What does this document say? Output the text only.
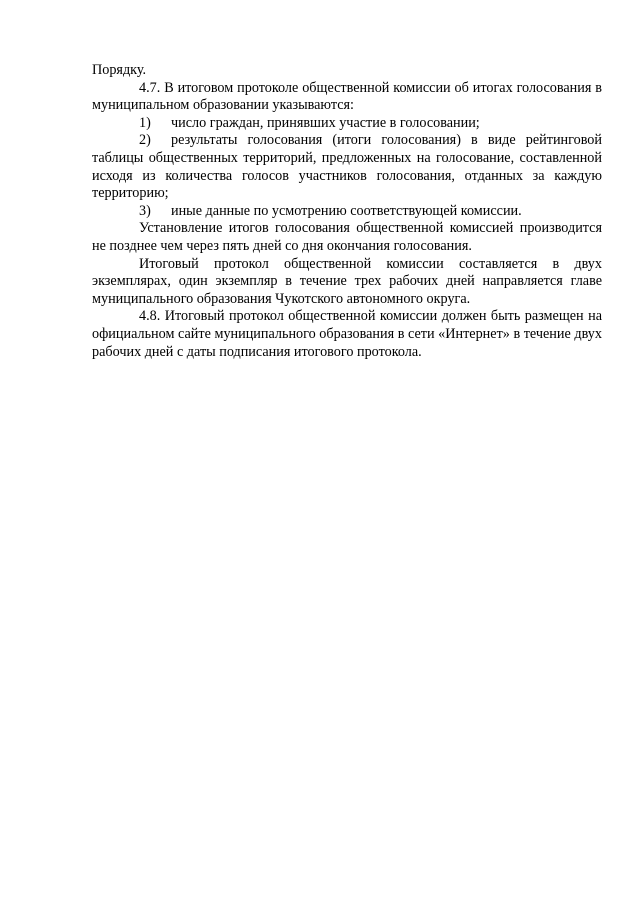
Порядку.

4.7. В итоговом протоколе общественной комиссии об итогах голосования в муниципальном образовании указываются:

1) число граждан, принявших участие в голосовании;

2) результаты голосования (итоги голосования) в виде рейтинговой таблицы общественных территорий, предложенных на голосование, составленной исходя из количества голосов участников голосования, отданных за каждую территорию;

3) иные данные по усмотрению соответствующей комиссии.

Установление итогов голосования общественной комиссией производится не позднее чем через пять дней со дня окончания голосования.

Итоговый протокол общественной комиссии составляется в двух экземплярах, один экземпляр в течение трех рабочих дней направляется главе муниципального образования Чукотского автономного округа.

4.8. Итоговый протокол общественной комиссии должен быть размещен на официальном сайте муниципального образования в сети «Интернет» в течение двух рабочих дней с даты подписания итогового протокола.
